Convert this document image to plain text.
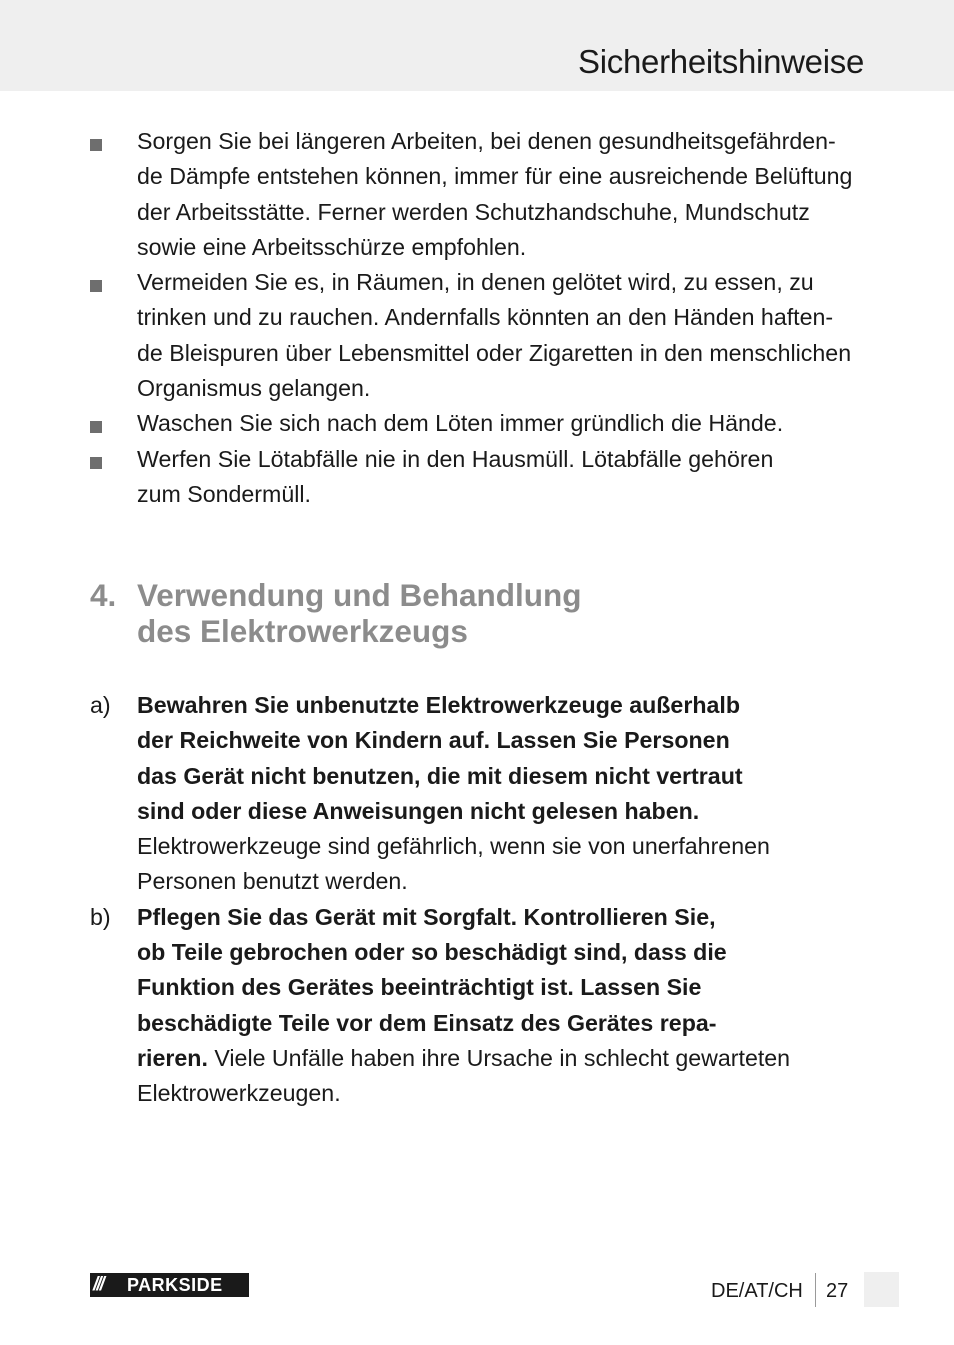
Sicherheitshinweise
Sorgen Sie bei längeren Arbeiten, bei denen gesundheitsgefährden-
de Dämpfe entstehen können, immer für eine ausreichende Belüftung
der Arbeitsstätte. Ferner werden Schutzhandschuhe, Mundschutz
sowie eine Arbeitsschürze empfohlen.
Vermeiden Sie es, in Räumen, in denen gelötet wird, zu essen, zu
trinken und zu rauchen. Andernfalls könnten an den Händen haften-
de Bleispuren über Lebensmittel oder Zigaretten in den menschlichen
Organismus gelangen.
Waschen Sie sich nach dem Löten immer gründlich die Hände.
Werfen Sie Lötabfälle nie in den Hausmüll. Lötabfälle gehören
zum Sondermüll.
4. Verwendung und Behandlung
des Elektrowerkzeugs
a) Bewahren Sie unbenutzte Elektrowerkzeuge außerhalb
der Reichweite von Kindern auf. Lassen Sie Personen
das Gerät nicht benutzen, die mit diesem nicht vertraut
sind oder diese Anweisungen nicht gelesen haben.
Elektrowerkzeuge sind gefährlich, wenn sie von unerfahrenen
Personen benutzt werden.
b) Pflegen Sie das Gerät mit Sorgfalt. Kontrollieren Sie,
ob Teile gebrochen oder so beschädigt sind, dass die
Funktion des Gerätes beeinträchtigt ist. Lassen Sie
beschädigte Teile vor dem Einsatz des Gerätes repa-
rieren. Viele Unfälle haben ihre Ursache in schlecht gewarteten
Elektrowerkzeugen.
/// PARKSIDE	DE/AT/CH 27
